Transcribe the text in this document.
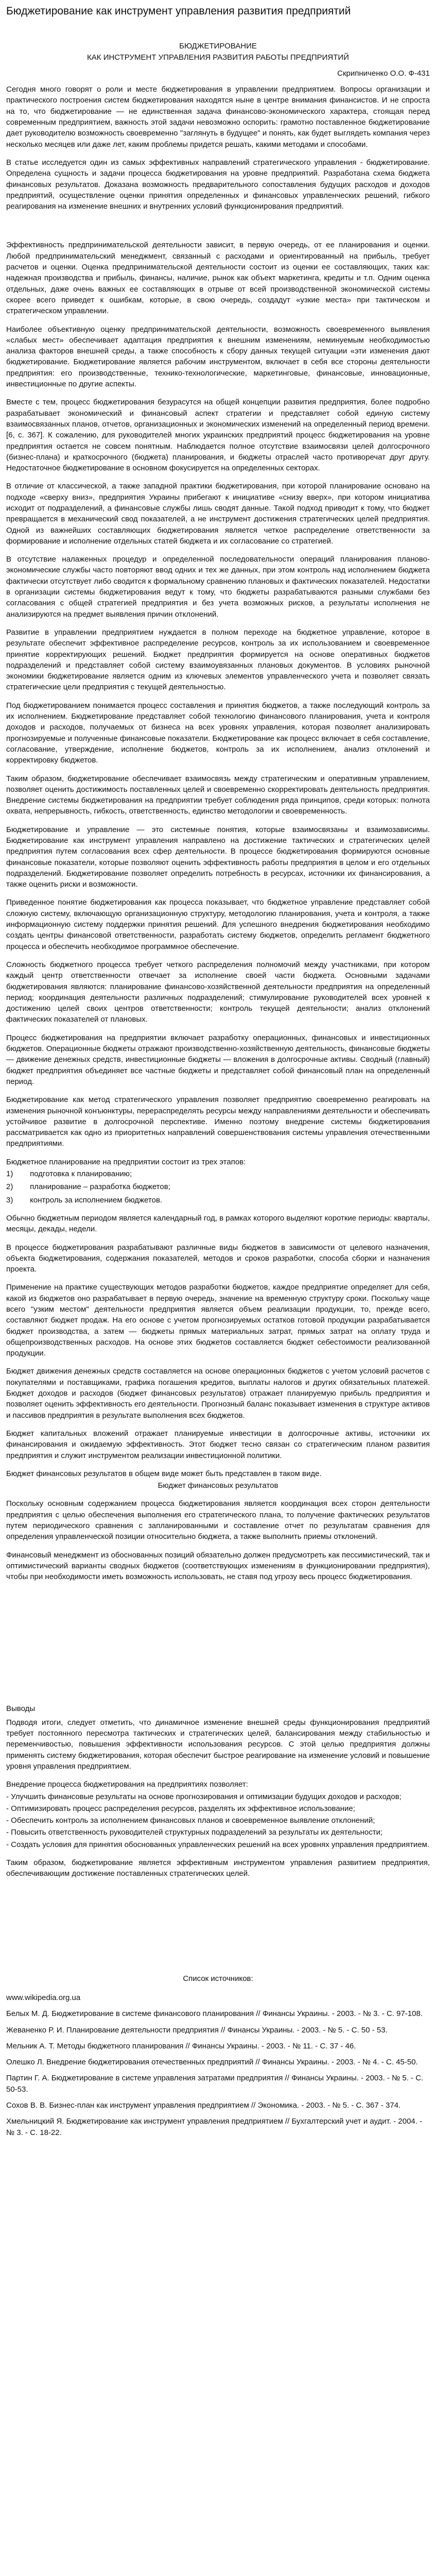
Бюджетирование как инструмент управления развития предприятий

БЮДЖЕТИРОВАНИЕ

КАК ИНСТРУМЕНТ УПРАВЛЕНИЯ РАЗВИТИЯ РАБОТЫ ПРЕДПРИЯТИЙ

Скрипниченко О.О. Ф-431

Сегодня много говорят о роли и месте бюджетирования в управлении предприятием. Вопросы организации и практического построения систем бюджетирования находятся ныне в центре внимания финансистов. И не спроста на то, что бюджетирование — не единственная задача финансово-экономического характера, стоящая перед современным предприятием, важность этой задачи невозможно оспорить: грамотно поставленное бюджетирование дает руководителю возможность своевременно "заглянуть в будущее" и понять, как будет выглядеть компания через несколько месяцев или даже лет, каким проблемы придется решать, какими методами и способами.

В статье исследуется один из самых эффективных направлений стратегического управления - бюджетирование. Определена сущность и задачи процесса бюджетирования на уровне предприятий. Разработана схема бюджета финансовых результатов. Доказана возможность предварительного сопоставления будущих расходов и доходов предприятий, осуществление оценки принятия определенных и финансовых управленческих решений, гибкого реагирования на изменение внешних и внутренних условий функционирования предприятий.

Эффективность предпринимательской деятельности зависит, в первую очередь, от ее планирования и оценки. Любой предпринимательский менеджмент, связанный с расходами и ориентированный на прибыль, требует расчетов и оценки. Оценка предпринимательской деятельности состоит из оценки ее составляющих, таких как: надежная производства и прибыль, финансы, наличие, рынок как объект маркетинга, кредиты и т.п. Одним оценка отдельных, даже очень важных ее составляющих в отрыве от всей производственной экономической системы скорее всего приведет к ошибкам, которые, в свою очередь, создадут «узкие места» при тактическом и стратегическом управлении.

Наиболее объективную оценку предпринимательской деятельности, возможность своевременного выявления «слабых мест» обеспечивает адаптация предприятия к внешним изменениям, неминуемым необходимостью анализа факторов внешней среды, а также способность к сбору данных текущей ситуации «эти изменения дают бюджетирование. Бюджетирование является рабочим инструментом, включает в себя все стороны деятельности предприятия: его производственные, технико-технологические, маркетинговые, финансовые, инновационные, инвестиционные по другие аспекты.

Вместе с тем, процесс бюджетирования безурасутся на общей концепции развития предприятия, более подробно разрабатывает экономический и финансовый аспект стратегии и представляет собой единую систему взаимосвязанных планов, отчетов, организационных и экономических изменений на определенный период времени. [6, с. 367]. К сожалению, для руководителей многих украинских предприятий процесс бюджетирования на уровне предприятия остается не совсем понятным. Наблюдается полное отсутствие взаимосвязи целей долгосрочного (бизнес-плана) и краткосрочного (бюджета) планирования, и бюджеты отраслей часто противоречат друг другу. Недостаточное бюджетирование в основном фокусируется на определенных секторах.

В отличие от классической, а также западной практики бюджетирования, при которой планирование основано на подходе «сверху вниз», предприятия Украины прибегают к инициативе «снизу вверх», при котором инициатива исходит от подразделений, а финансовые службы лишь сводят данные. Такой подход приводит к тому, что бюджет превращается в механический свод показателей, а не инструмент достижения стратегических целей предприятия. Одной из важнейших составляющих бюджетирования является четкое распределение ответственности за формирование и исполнение отдельных статей бюджета и их согласование со стратегией.

В отсутствие налаженных процедур и определенной последовательности операций планирования планово-экономические службы часто повторяют ввод одних и тех же данных, при этом контроль над исполнением бюджета фактически отсутствует либо сводится к формальному сравнению плановых и фактических показателей. Недостатки в организации системы бюджетирования ведут к тому, что бюджеты разрабатываются разными службами без согласования с общей стратегией предприятия и без учета возможных рисков, а результаты исполнения не анализируются на предмет выявления причин отклонений.

Развитие в управлении предприятием нуждается в полном переходе на бюджетное управление, которое в результате обеспечит эффективное распределение ресурсов, контроль за их использованием и своевременное принятие корректирующих решений. Бюджет предприятия формируется на основе оперативных бюджетов подразделений и представляет собой систему взаимоувязанных плановых документов. В условиях рыночной экономики бюджетирование является одним из ключевых элементов управленческого учета и позволяет связать стратегические цели предприятия с текущей деятельностью.

Под бюджетированием понимается процесс составления и принятия бюджетов, а также последующий контроль за их исполнением. Бюджетирование представляет собой технологию финансового планирования, учета и контроля доходов и расходов, получаемых от бизнеса на всех уровнях управления, которая позволяет анализировать прогнозируемые и полученные финансовые показатели. Бюджетирование как процесс включает в себя составление, согласование, утверждение, исполнение бюджетов, контроль за их исполнением, анализ отклонений и корректировку бюджетов.

Таким образом, бюджетирование обеспечивает взаимосвязь между стратегическим и оперативным управлением, позволяет оценить достижимость поставленных целей и своевременно скорректировать деятельность предприятия. Внедрение системы бюджетирования на предприятии требует соблюдения ряда принципов, среди которых: полнота охвата, непрерывность, гибкость, ответственность, единство методологии и своевременность.

Бюджетирование и управление — это системные понятия, которые взаимосвязаны и взаимозависимы. Бюджетирование как инструмент управления направлено на достижение тактических и стратегических целей предприятия путем согласования всех сфер деятельности. В процессе бюджетирования формируются основные финансовые показатели, которые позволяют оценить эффективность работы предприятия в целом и его отдельных подразделений. Бюджетирование позволяет определить потребность в ресурсах, источники их финансирования, а также оценить риски и возможности.

Приведенное понятие бюджетирования как процесса показывает, что бюджетное управление представляет собой сложную систему, включающую организационную структуру, методологию планирования, учета и контроля, а также информационную систему поддержки принятия решений. Для успешного внедрения бюджетирования необходимо создать центры финансовой ответственности, разработать систему бюджетов, определить регламент бюджетного процесса и обеспечить необходимое программное обеспечение.

Сложность бюджетного процесса требует четкого распределения полномочий между участниками, при котором каждый центр ответственности отвечает за исполнение своей части бюджета. Основными задачами бюджетирования являются: планирование финансово-хозяйственной деятельности предприятия на определенный период; координация деятельности различных подразделений; стимулирование руководителей всех уровней к достижению целей своих центров ответственности; контроль текущей деятельности; анализ отклонений фактических показателей от плановых.

Процесс бюджетирования на предприятии включает разработку операционных, финансовых и инвестиционных бюджетов. Операционные бюджеты отражают производственно-хозяйственную деятельность, финансовые бюджеты — движение денежных средств, инвестиционные бюджеты — вложения в долгосрочные активы. Сводный (главный) бюджет предприятия объединяет все частные бюджеты и представляет собой финансовый план на определенный период.

Бюджетирование как метод стратегического управления позволяет предприятию своевременно реагировать на изменения рыночной конъюнктуры, перераспределять ресурсы между направлениями деятельности и обеспечивать устойчивое развитие в долгосрочной перспективе. Именно поэтому внедрение системы бюджетирования рассматривается как одно из приоритетных направлений совершенствования системы управления отечественными предприятиями.

Бюджетное планирование на предприятии состоит из трех этапов:

1) подготовка к планированию;
2) планирование – разработка бюджетов;
3) контроль за исполнением бюджетов.

Обычно бюджетным периодом является календарный год, в рамках которого выделяют короткие периоды: кварталы, месяцы, декады, недели.

В процессе бюджетирования разрабатывают различные виды бюджетов в зависимости от целевого назначения, объекта бюджетирования, содержания показателей, методов и сроков разработки, способа сборки и назначения проекта.

Применение на практике существующих методов разработки бюджетов, каждое предприятие определяет для себя, какой из бюджетов оно разрабатывает в первую очередь, значение на временную структуру сроки. Поскольку чаще всего "узким местом" деятельности предприятия является объем реализации продукции, то, прежде всего, составляют бюджет продаж. На его основе с учетом прогнозируемых остатков готовой продукции разрабатывается бюджет производства, а затем — бюджеты прямых материальных затрат, прямых затрат на оплату труда и общепроизводственных расходов. На основе этих бюджетов составляется бюджет себестоимости реализованной продукции.

Бюджет движения денежных средств составляется на основе операционных бюджетов с учетом условий расчетов с покупателями и поставщиками, графика погашения кредитов, выплаты налогов и других обязательных платежей. Бюджет доходов и расходов (бюджет финансовых результатов) отражает планируемую прибыль предприятия и позволяет оценить эффективность его деятельности. Прогнозный баланс показывает изменения в структуре активов и пассивов предприятия в результате выполнения всех бюджетов.

Бюджет капитальных вложений отражает планируемые инвестиции в долгосрочные активы, источники их финансирования и ожидаемую эффективность. Этот бюджет тесно связан со стратегическим планом развития предприятия и служит инструментом реализации инвестиционной политики.

Бюджет финансовых результатов в общем виде может быть представлен в таком виде.

Бюджет финансовых результатов

Поскольку основным содержанием процесса бюджетирования является координация всех сторон деятельности предприятия с целью обеспечения выполнения его стратегического плана, то получение фактических результатов путем периодического сравнения с запланированными и составление отчет по результатам сравнения для определения управленческой позиции относительно бюджета, а также выполнить приемы отклонений.

Финансовый менеджмент из обоснованных позиций обязательно должен предусмотреть как пессимистический, так и оптимистический варианты сводных бюджетов (соответствующих изменениям в функционировании предприятия), чтобы при необходимости иметь возможность использовать, не ставя под угрозу весь процесс бюджетирования.

Выводы

Подводя итоги, следует отметить, что динамичное изменение внешней среды функционирования предприятий требует постоянного пересмотра тактических и стратегических целей, балансирования между стабильностью и переменчивостью, повышения эффективности использования ресурсов. С этой целью предприятия должны применять систему бюджетирования, которая обеспечит быстрое реагирование на изменение условий и повышение уровня управления предприятием.

Внедрение процесса бюджетирования на предприятиях позволяет:

- Улучшить финансовые результаты на основе прогнозирования и оптимизации будущих доходов и расходов;

- Оптимизировать процесс распределения ресурсов, разделять их эффективное использование;

- Обеспечить контроль за исполнением финансовых планов и своевременное выявление отклонений;

- Повысить ответственность руководителей структурных подразделений за результаты их деятельности;

- Создать условия для принятия обоснованных управленческих решений на всех уровнях управления предприятием.

Таким образом, бюджетирование является эффективным инструментом управления развитием предприятия, обеспечивающим достижение поставленных стратегических целей.

Список источников:

www.wikipedia.org.ua

Белых М. Д. Бюджетирование в системе финансового планирования // Финансы Украины. - 2003. - № 3. - С. 97-108.

Жеваненко Р. И. Планирование деятельности предприятия // Финансы Украины. - 2003. - № 5. - С. 50 - 53.

Мельник А. Т. Методы бюджетного планирования // Финансы Украины. - 2003. - № 11. - С. 37 - 46.

Олешко Л. Внедрение бюджетирования отечественных предприятий // Финансы Украины. - 2003. - № 4. - С. 45-50.

Партин Г. А. Бюджетирование в системе управления затратами предприятия // Финансы Украины. - 2003. - № 5. - С. 50-53.

Сохов В. В. Бизнес-план как инструмент управления предприятием // Экономика. - 2003. - № 5. - С. 367 - 374.

Хмельницкий Я. Бюджетирование как инструмент управления предприятием // Бухгалтерский учет и аудит. - 2004. - № 3. - С. 18-22.
